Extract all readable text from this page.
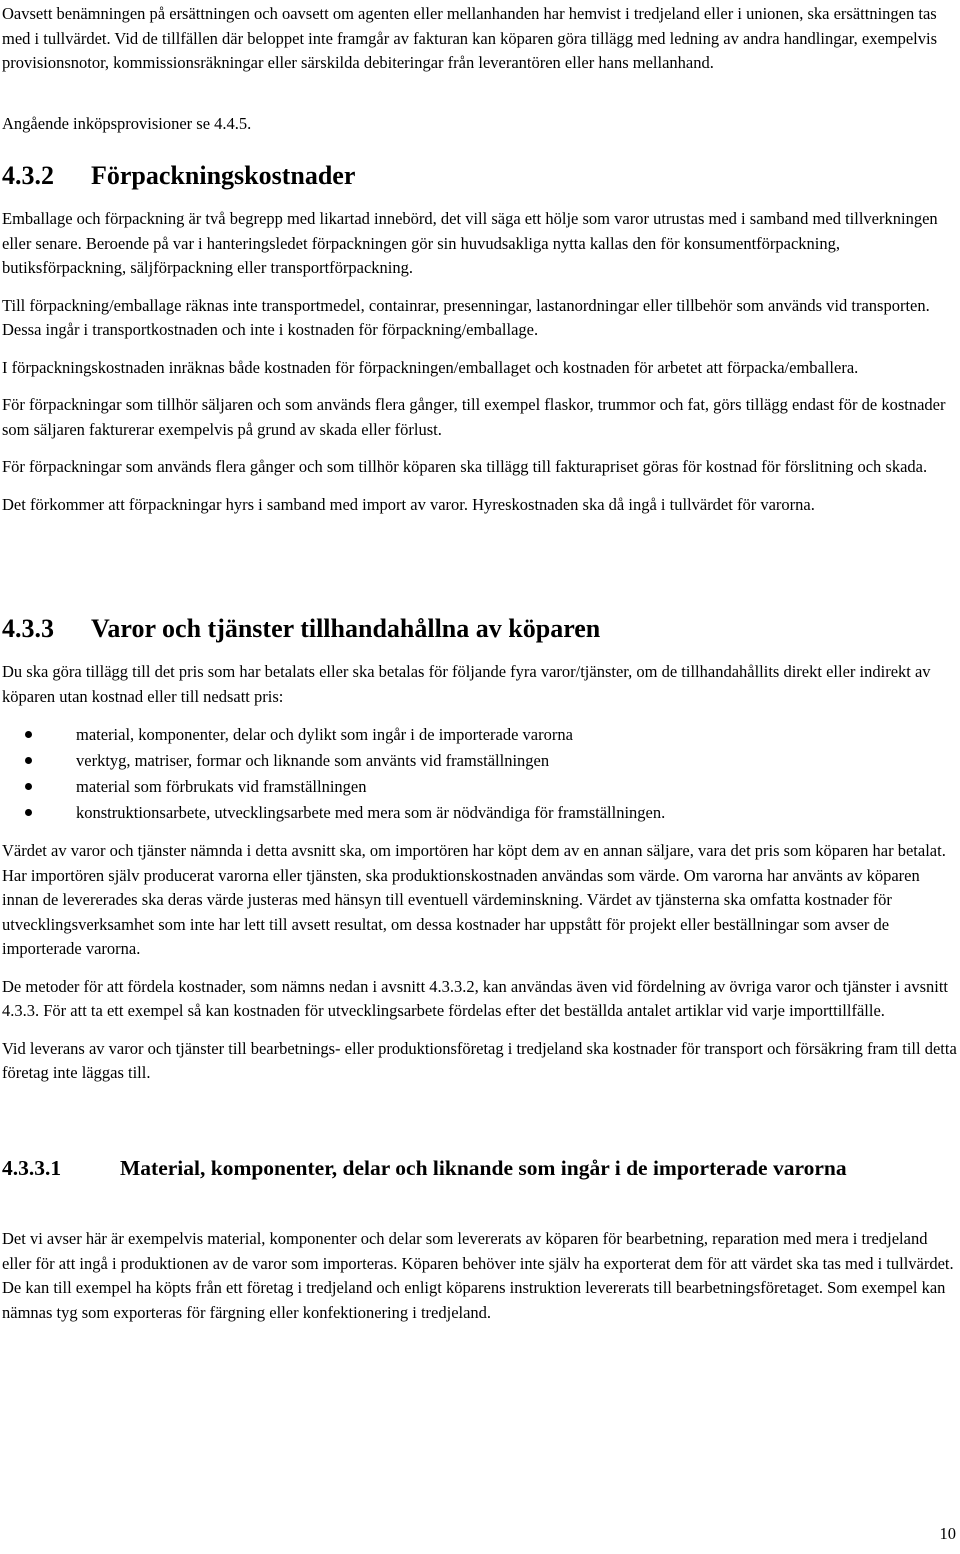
Oavsett benämningen på ersättningen och oavsett om agenten eller mellanhanden har hemvist i tredjeland eller i unionen, ska ersättningen tas med i tullvärdet. Vid de tillfällen där beloppet inte framgår av fakturan kan köparen göra tillägg med ledning av andra handlingar, exempelvis provisionsnotor, kommissionsräkningar eller särskilda debiteringar från leverantören eller hans mellanhand.

Angående inköpsprovisioner se 4.4.5.

4.3.2	Förpackningskostnader

Emballage och förpackning är två begrepp med likartad innebörd, det vill säga ett hölje som varor utrustas med i samband med tillverkningen eller senare. Beroende på var i hanteringsledet förpackningen gör sin huvudsakliga nytta kallas den för konsumentförpackning, butiksförpackning, säljförpackning eller transportförpackning.

Till förpackning/emballage räknas inte transportmedel, containrar, presenningar, lastanordningar eller tillbehör som används vid transporten. Dessa ingår i transportkostnaden och inte i kostnaden för förpackning/emballage.

I förpackningskostnaden inräknas både kostnaden för förpackningen/emballaget och kostnaden för arbetet att förpacka/emballera.

För förpackningar som tillhör säljaren och som används flera gånger, till exempel flaskor, trummor och fat, görs tillägg endast för de kostnader som säljaren fakturerar exempelvis på grund av skada eller förlust.

För förpackningar som används flera gånger och som tillhör köparen ska tillägg till fakturapriset göras för kostnad för förslitning och skada.

Det förkommer att förpackningar hyrs i samband med import av varor. Hyreskostnaden ska då ingå i tullvärdet för varorna.

4.3.3	Varor och tjänster tillhandahållna av köparen

Du ska göra tillägg till det pris som har betalats eller ska betalas för följande fyra varor/tjänster, om de tillhandahållits direkt eller indirekt av köparen utan kostnad eller till nedsatt pris:

material, komponenter, delar och dylikt som ingår i de importerade varorna
verktyg, matriser, formar och liknande som använts vid framställningen
material som förbrukats vid framställningen
konstruktionsarbete, utvecklingsarbete med mera som är nödvändiga för framställningen.

Värdet av varor och tjänster nämnda i detta avsnitt ska, om importören har köpt dem av en annan säljare, vara det pris som köparen har betalat. Har importören själv producerat varorna eller tjänsten, ska produktionskostnaden användas som värde. Om varorna har använts av köparen innan de levererades ska deras värde justeras med hänsyn till eventuell värdeminskning. Värdet av tjänsterna ska omfatta kostnader för utvecklingsverksamhet som inte har lett till avsett resultat, om dessa kostnader har uppstått för projekt eller beställningar som avser de importerade varorna.

De metoder för att fördela kostnader, som nämns nedan i avsnitt 4.3.3.2, kan användas även vid fördelning av övriga varor och tjänster i avsnitt 4.3.3. För att ta ett exempel så kan kostnaden för utvecklingsarbete fördelas efter det beställda antalet artiklar vid varje importtillfälle.

Vid leverans av varor och tjänster till bearbetnings- eller produktionsföretag i tredjeland ska kostnader för transport och försäkring fram till detta företag inte läggas till.

4.3.3.1	Material, komponenter, delar och liknande som ingår i de importerade varorna

Det vi avser här är exempelvis material, komponenter och delar som levererats av köparen för bearbetning, reparation med mera i tredjeland eller för att ingå i produktionen av de varor som importeras. Köparen behöver inte själv ha exporterat dem för att värdet ska tas med i tullvärdet. De kan till exempel ha köpts från ett företag i tredjeland och enligt köparens instruktion levererats till bearbetningsföretaget. Som exempel kan nämnas tyg som exporteras för färgning eller konfektionering i tredjeland.

10
